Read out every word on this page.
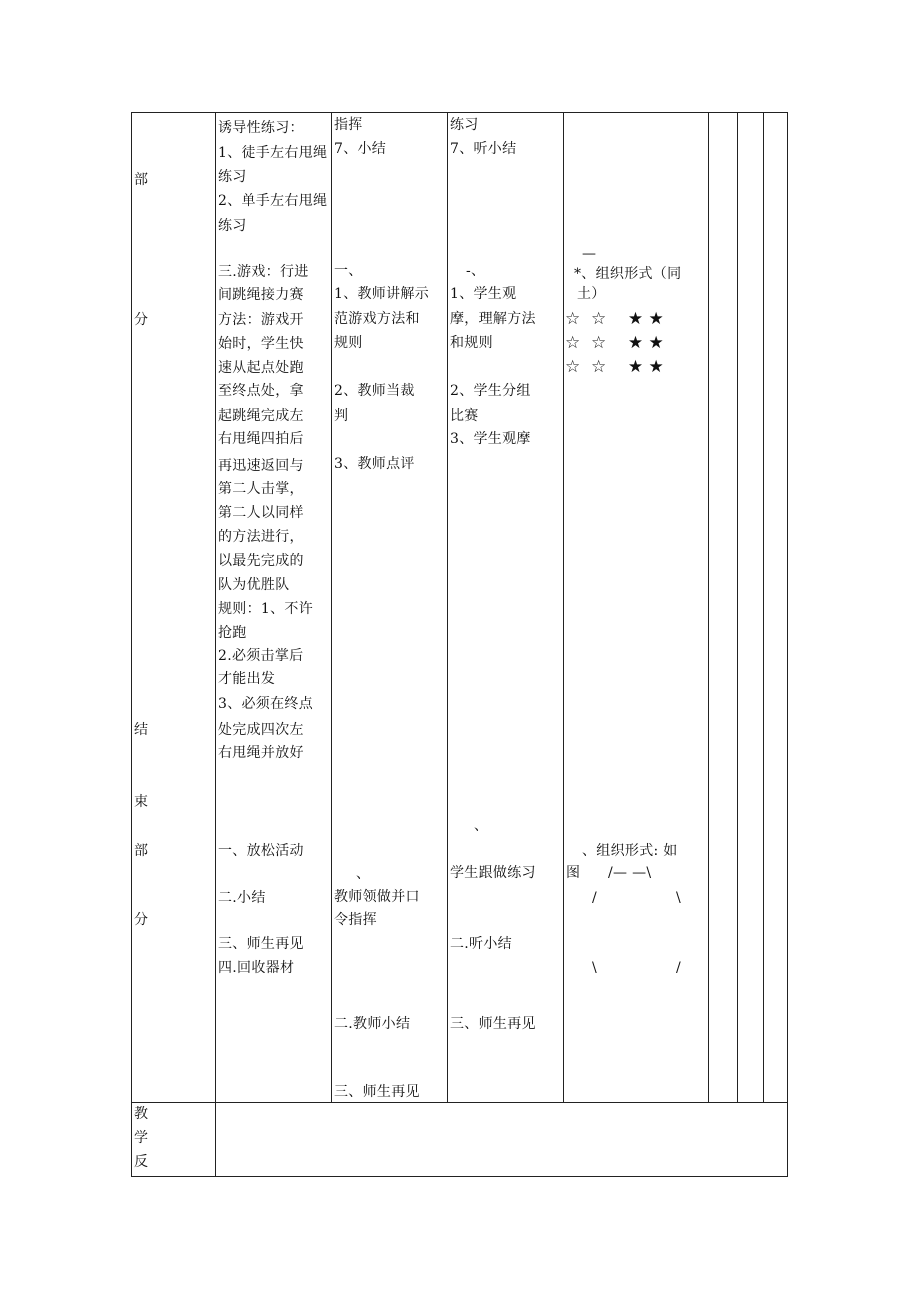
部
分
结
束
部
分
教
学
反
诱导性练习：
1、徒手左右甩绳
练习
2、单手左右甩绳
练习
三.游戏：行进
间跳绳接力赛
方法：游戏开
始时，学生快
速从起点处跑
至终点处，拿
起跳绳完成左
右甩绳四拍后
再迅速返回与
第二人击掌，
第二人以同样
的方法进行，
以最先完成的
队为优胜队
规则：1、不许
抢跑
2.必须击掌后
才能出发
3、必须在终点
处完成四次左
右甩绳并放好
一、放松活动
二.小结
三、师生再见
四.回收器材
指挥
7、小结
一、
1、教师讲解示
范游戏方法和
规则
2、教师当裁
判
3、教师点评
、
教师领做并口
令指挥
二.教师小结
三、师生再见
练习
7、听小结
-、
1、学生观
摩，理解方法
和规则
2、学生分组
比赛
3、学生观摩
、
学生跟做练习
二.听小结
三、师生再见
—
*、组织形式（同
土）
☆  ☆    ★ ★
☆  ☆    ★ ★
☆  ☆    ★ ★
、组织形式: 如
图 /— —\
/	\
\	/
